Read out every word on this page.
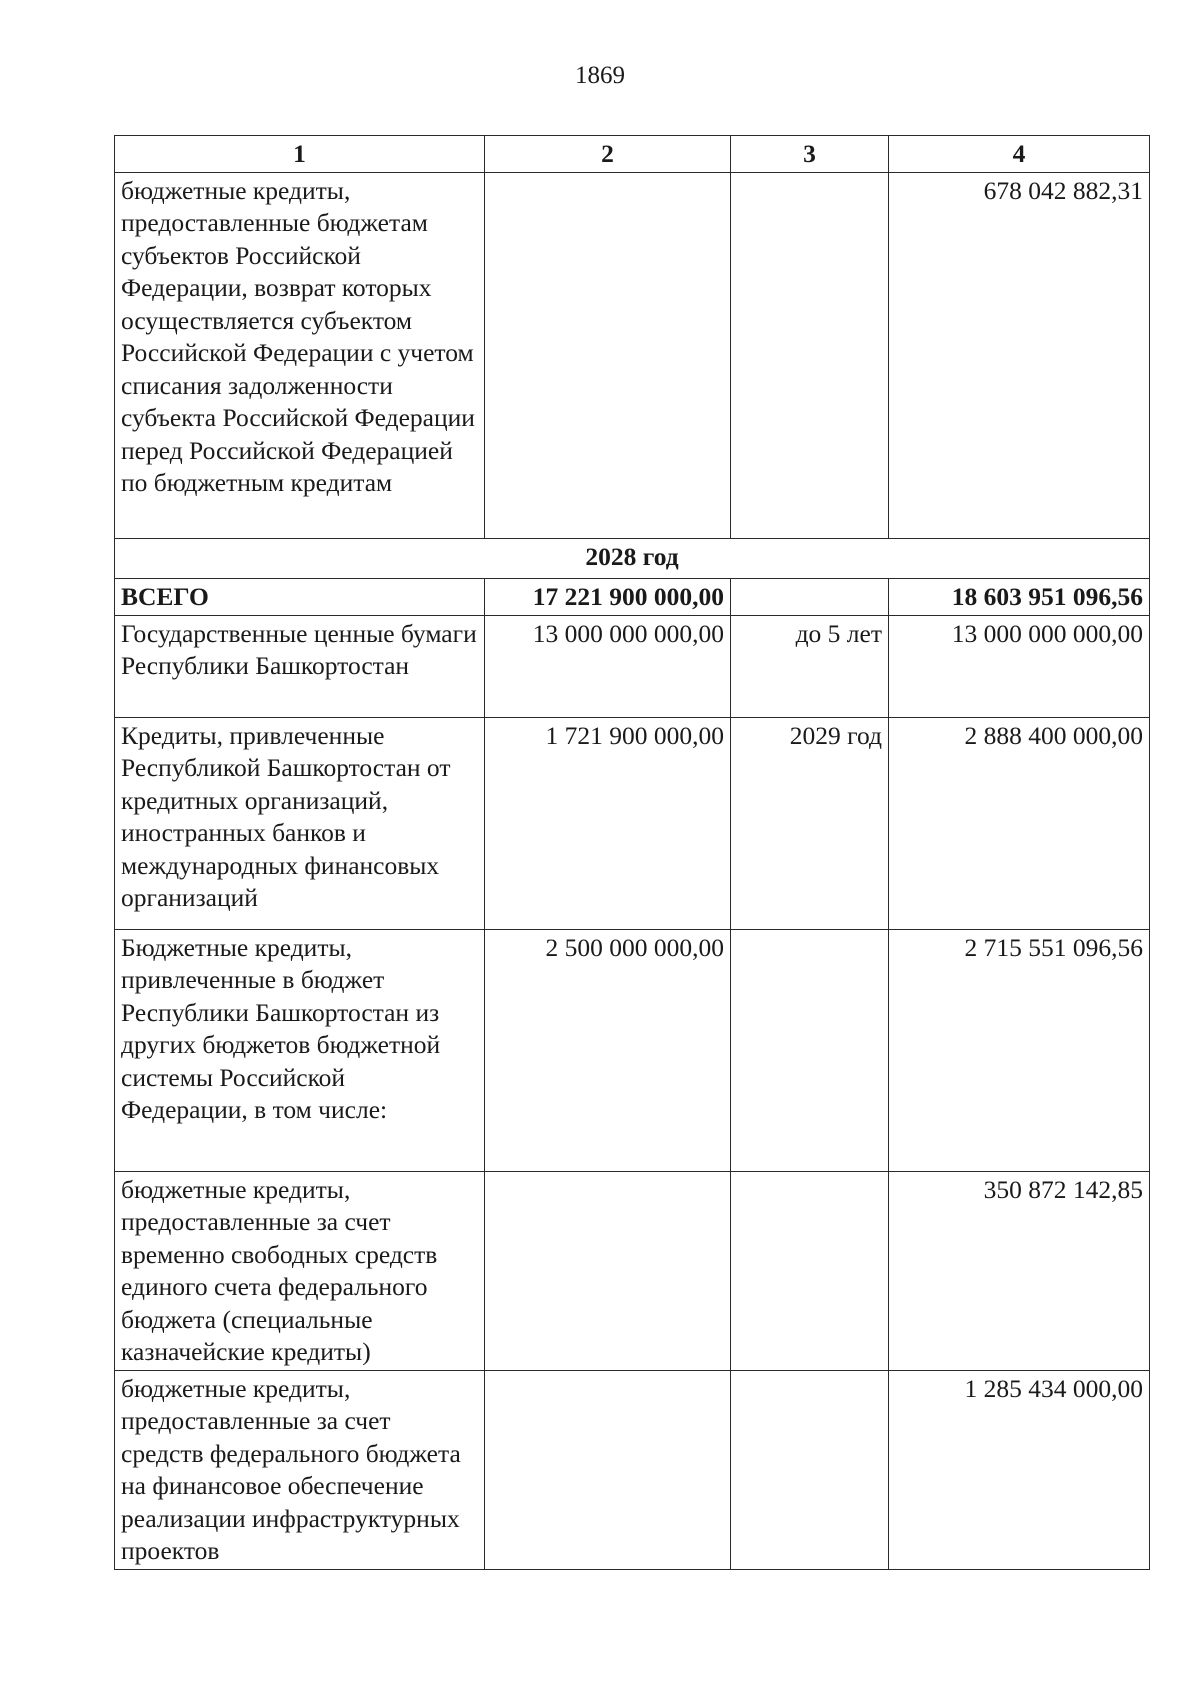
1869
1	2	3	4
бюджетные кредиты, предоставленные бюджетам субъектов Российской Федерации, возврат которых осуществляется субъектом Российской Федерации с учетом списания задолженности субъекта Российской Федерации перед Российской Федерацией по бюджетным кредитам			678 042 882,31
2028 год			
ВСЕГО	17 221 900 000,00		18 603 951 096,56
Государственные ценные бумаги Республики Башкортостан	13 000 000 000,00	до 5 лет	13 000 000 000,00
Кредиты, привлеченные Республикой Башкортостан от кредитных организаций, иностранных банков и международных финансовых организаций	1 721 900 000,00	2029 год	2 888 400 000,00
Бюджетные кредиты, привлеченные в бюджет Республики Башкортостан из других бюджетов бюджетной системы Российской Федерации, в том числе:	2 500 000 000,00		2 715 551 096,56
бюджетные кредиты, предоставленные за счет временно свободных средств единого счета федерального бюджета (специальные казначейские кредиты)			350 872 142,85
бюджетные кредиты, предоставленные за счет средств федерального бюджета на финансовое обеспечение реализации инфраструктурных проектов			1 285 434 000,00
